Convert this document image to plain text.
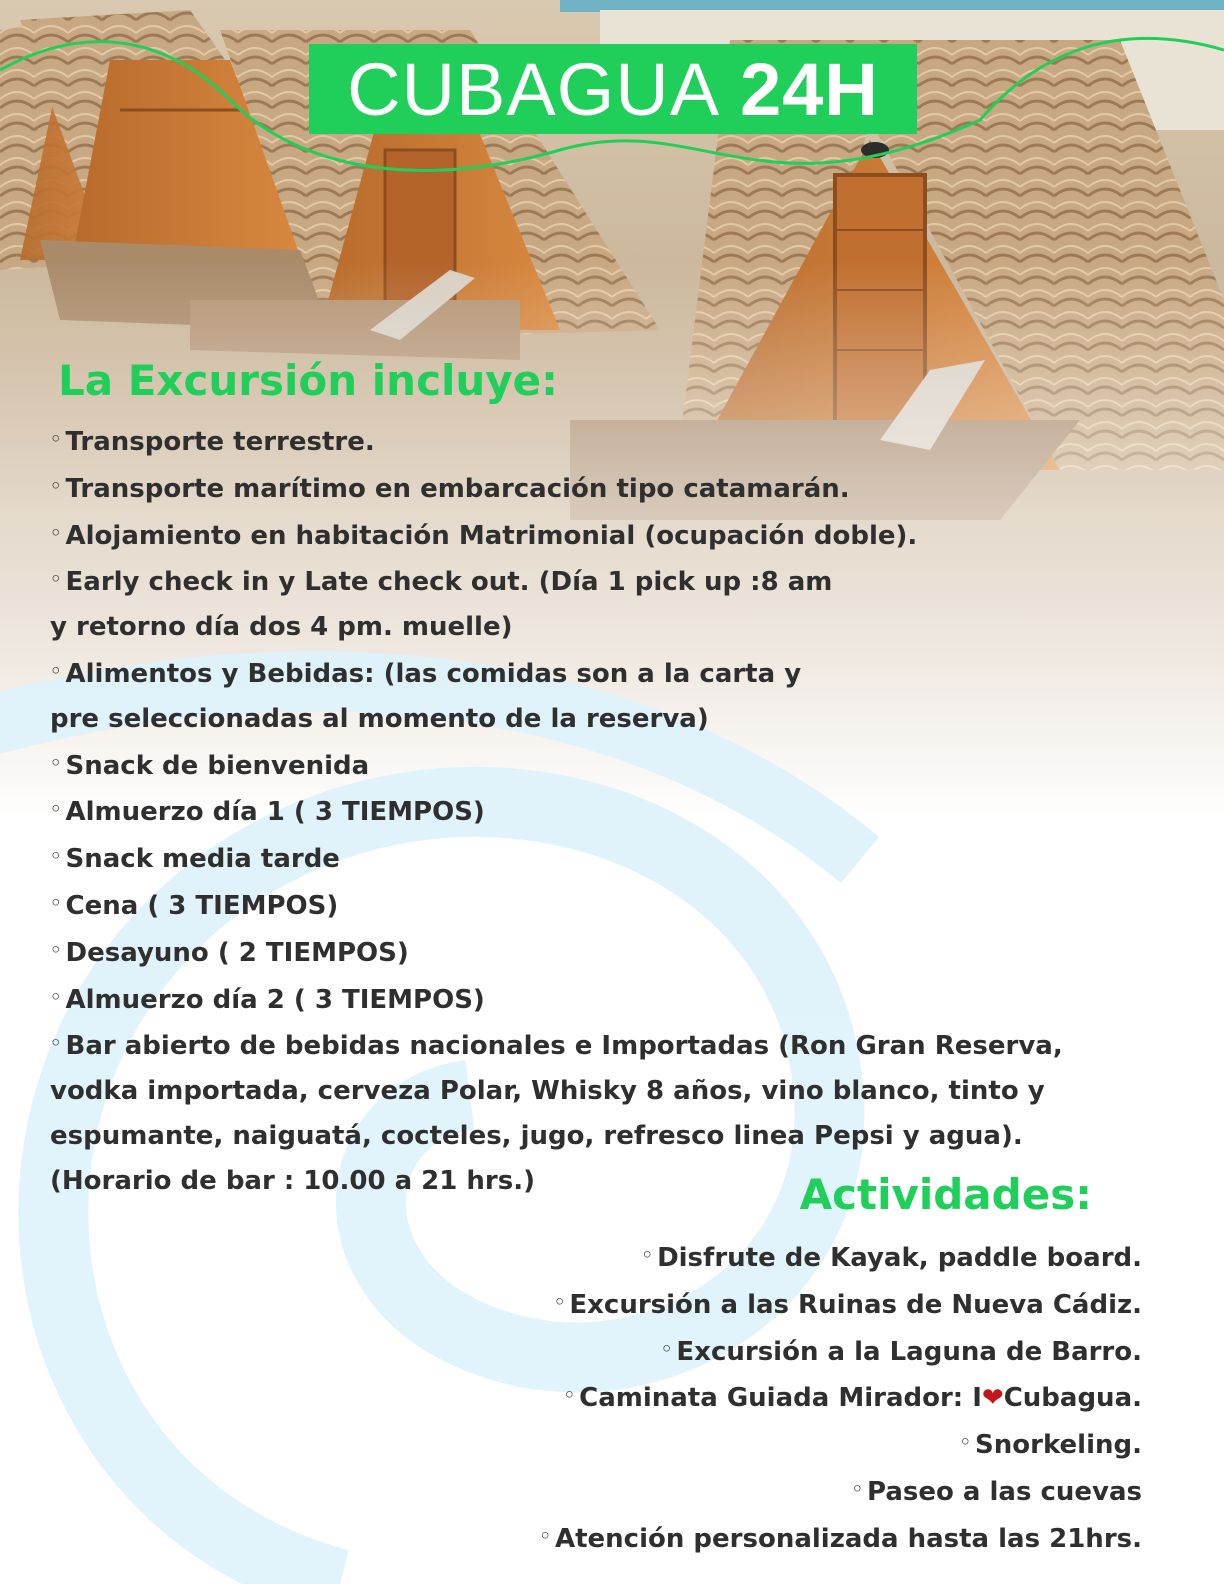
CUBAGUA 24H
La Excursión incluye:
◦ Transporte terrestre.
◦ Transporte marítimo en embarcación tipo catamarán.
◦ Alojamiento en habitación Matrimonial (ocupación doble).
◦ Early check in y Late check out. (Día 1 pick up :8 am
y retorno día dos 4 pm. muelle)
◦ Alimentos y Bebidas: (las comidas son a la carta y
pre seleccionadas al momento de la reserva)
◦ Snack de bienvenida
◦ Almuerzo día 1 ( 3 TIEMPOS)
◦ Snack media tarde
◦ Cena ( 3 TIEMPOS)
◦ Desayuno ( 2 TIEMPOS)
◦ Almuerzo día 2 ( 3 TIEMPOS)
◦ Bar abierto de bebidas nacionales e Importadas (Ron Gran Reserva,
vodka importada, cerveza Polar, Whisky 8 años, vino blanco, tinto y
espumante, naiguatá, cocteles, jugo, refresco linea Pepsi y agua).
(Horario de bar : 10.00 a 21 hrs.)	Actividades:
◦ Disfrute de Kayak, paddle board.
◦ Excursión a las Ruinas de Nueva Cádiz.
◦ Excursión a la Laguna de Barro.
◦ Caminata Guiada Mirador: I❤Cubagua.
◦ Snorkeling.
◦ Paseo a las cuevas
◦ Atención personalizada hasta las 21hrs.
